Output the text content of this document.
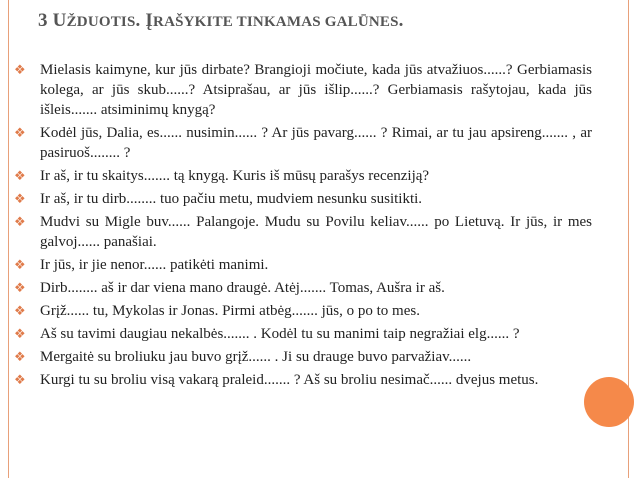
3 UŽDUOTIS. ĮRAŠYKITE TINKAMAS GALŪNES.
❖ Mielasis kaimyne, kur jūs dirbate? Brangioji močiute, kada jūs atvažiuos......? Gerbiamasis kolega, ar jūs skub......? Atsiprašau, ar jūs išlip......? Gerbiamasis rašytojau, kada jūs išleis....... atsiminimų knygą?
❖ Kodėl jūs, Dalia, es...... nusimin...... ? Ar jūs pavarg...... ? Rimai, ar tu jau apsireng....... , ar pasiruoš........ ?
❖ Ir aš, ir tu skaitys....... tą knygą. Kuris iš mūsų parašys recenziją?
❖ Ir aš, ir tu dirb........ tuo pačiu metu, mudviem nesunku susitikti.
❖ Mudvi su Migle buv...... Palangoje. Mudu su Povilu keliav...... po Lietuvą. Ir jūs, ir mes galvoj...... panašiai.
❖ Ir jūs, ir jie nenor...... patikėti manimi.
❖ Dirb........ aš ir dar viena mano draugė. Atėj....... Tomas, Aušra ir aš.
❖ Grįž...... tu, Mykolas ir Jonas. Pirmi atbėg....... jūs, o po to mes.
❖ Aš su tavimi daugiau nekalbės....... . Kodėl tu su manimi taip negražiai elg...... ?
❖ Mergaitė su broliuku jau buvo grįž...... . Ji su drauge buvo parvažiav......
❖ Kurgi tu su broliu visą vakarą praleid....... ? Aš su broliu nesimač...... dvejus metus.
